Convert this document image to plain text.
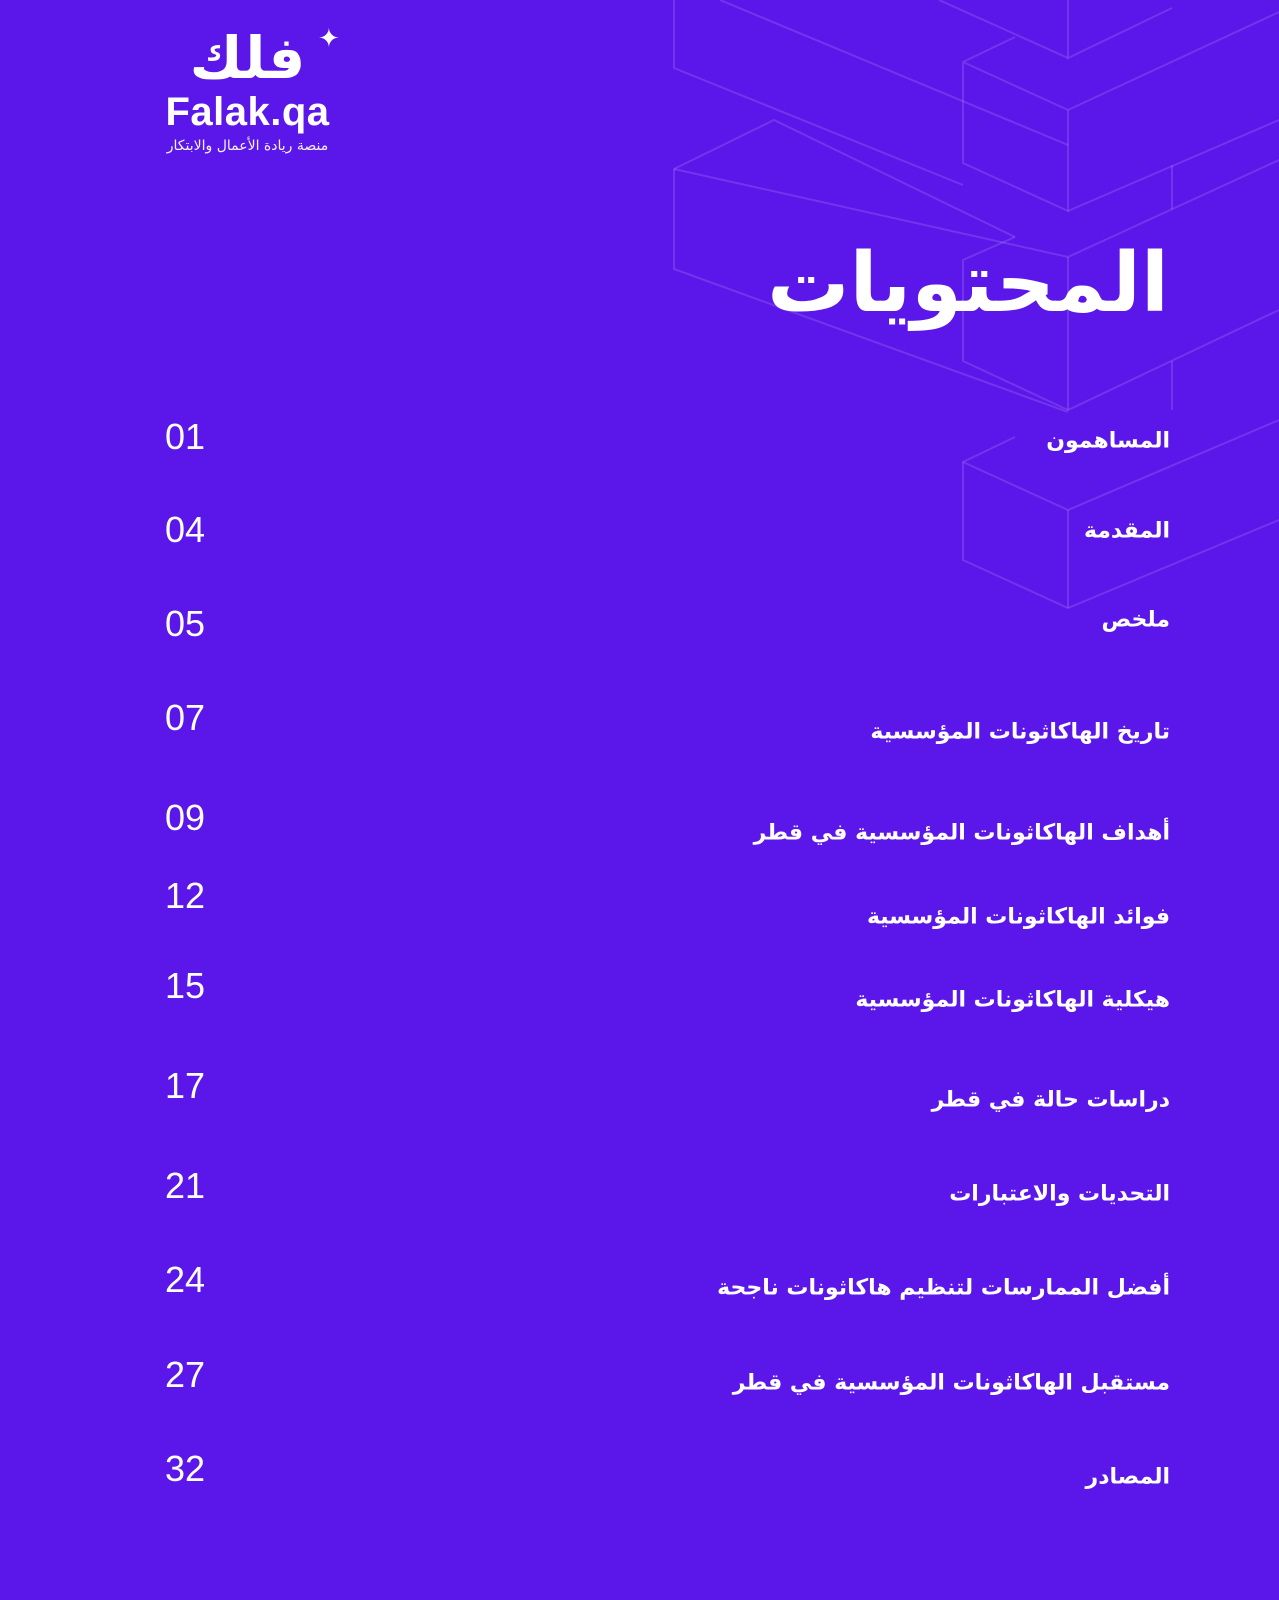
فلك
Falak.qa
منصة ريادة الأعمال والابتكار
✦
المحتويات
المساهمون
01
المقدمة
04
ملخص
05
تاريخ الهاكاثونات المؤسسية
07
أهداف الهاكاثونات المؤسسية في قطر
09
فوائد الهاكاثونات المؤسسية
12
هيكلية الهاكاثونات المؤسسية
15
دراسات حالة في قطر
17
التحديات والاعتبارات
21
أفضل الممارسات لتنظيم هاكاثونات ناجحة
24
مستقبل الهاكاثونات المؤسسية في قطر
27
المصادر
32
